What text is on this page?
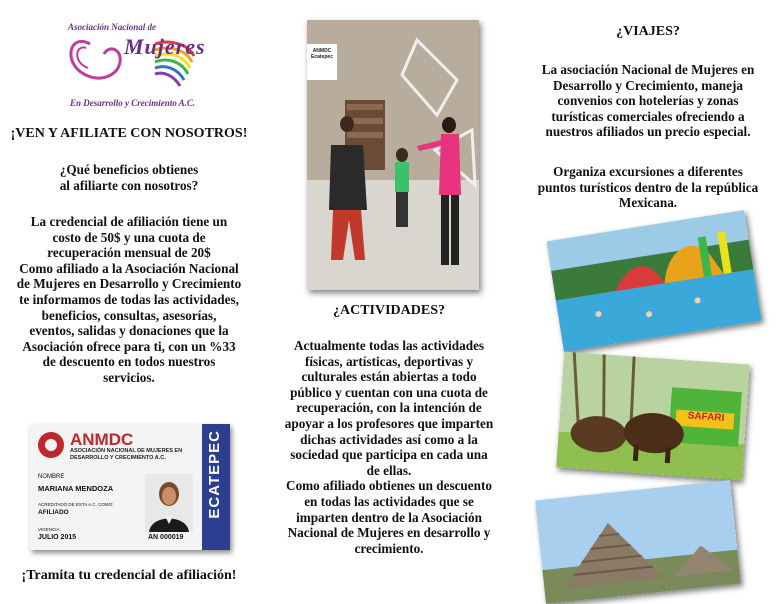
Asociación Nacional de
Mujeres
En Desarrollo y Crecimiento A.C.
¡VEN Y AFILIATE CON NOSOTROS!
¿Qué beneficios obtienes
al afiliarte con nosotros?
La credencial de afiliación tiene un
costo de 50$ y una cuota de
recuperación mensual de 20$
Como afiliado a la Asociación Nacional
de Mujeres en Desarrollo y Crecimiento
te informamos de todas las actividades,
beneficios, consultas, asesorías,
eventos, salidas y donaciones que la
Asociación ofrece para ti, con un %33
de descuento en todos nuestros
servicios.
ANMDC
ASOCIACIÓN NACIONAL DE MUJERES EN DESARROLLO Y CRECIMIENTO A.C.
NOMBRE
MARIANA MENDOZA
ACREDITADO DE ESTA A.C. COMO:
AFILIADO
VIGENCIA:
JULIO 2015	AN 000019
ECATEPEC
¡Tramita tu credencial de afiliación!
ANMDC
Ecatepec
¿ACTIVIDADES?
Actualmente todas las actividades
físicas, artísticas, deportivas y
culturales están abiertas a todo
público y cuentan con una cuota de
recuperación, con la intención de
apoyar a los profesores que imparten
dichas actividades así como a la
sociedad que participa en cada una
de ellas.
Como afiliado obtienes un descuento
en todas las actividades que se
imparten dentro de la Asociación
Nacional de Mujeres en desarrollo y
crecimiento.
¿VIAJES?
La asociación Nacional de Mujeres en
Desarrollo y Crecimiento, maneja
convenios con hotelerías y zonas
turísticas comerciales ofreciendo a
nuestros afiliados un precio especial.
Organiza excursiones a diferentes
puntos turísticos dentro de la república
Mexicana.
SAFARI
